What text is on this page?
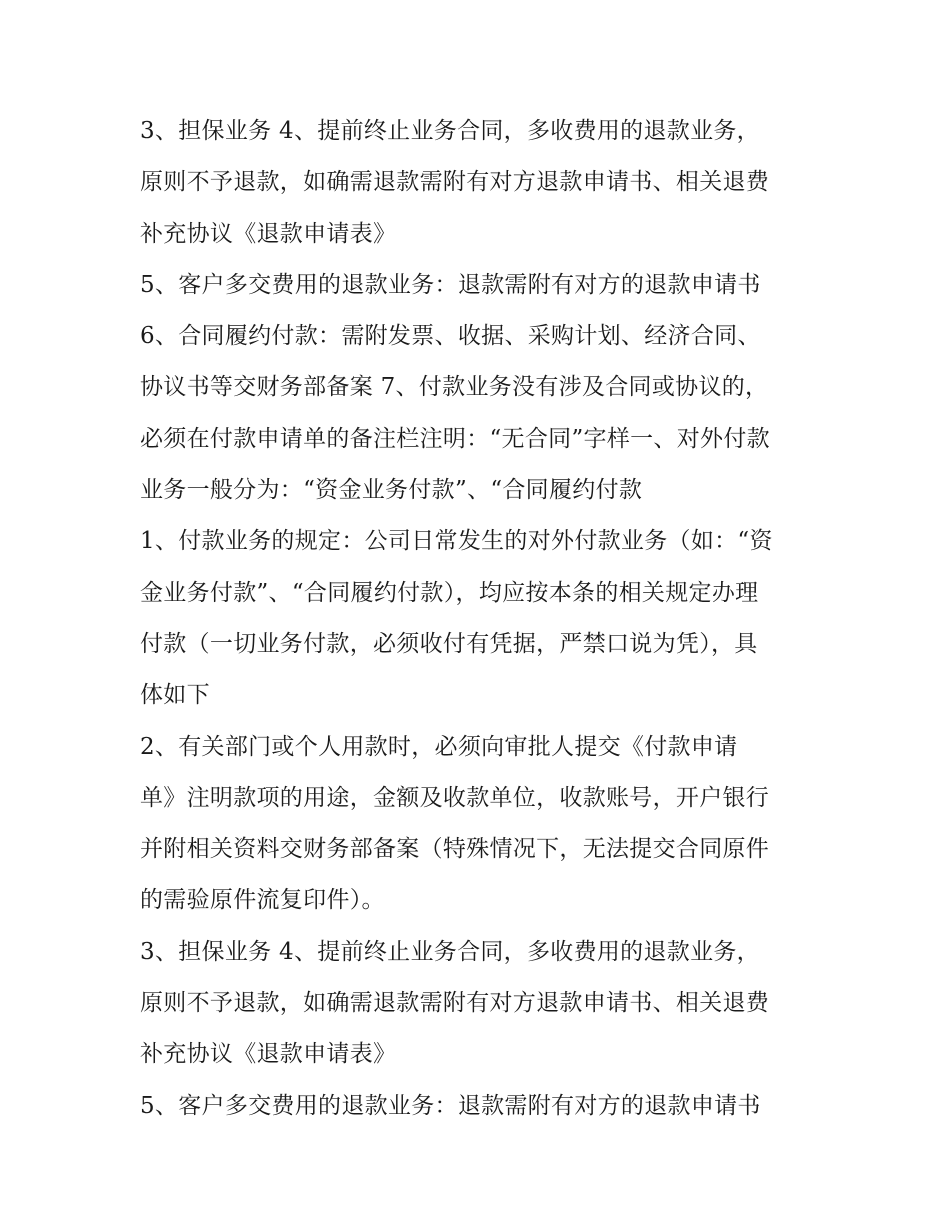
3、担保业务 4、提前终止业务合同，多收费用的退款业务，
原则不予退款，如确需退款需附有对方退款申请书、相关退费
补充协议《退款申请表》
5、客户多交费用的退款业务：退款需附有对方的退款申请书
6、合同履约付款：需附发票、收据、采购计划、经济合同、
协议书等交财务部备案 7、付款业务没有涉及合同或协议的，
必须在付款申请单的备注栏注明：“无合同”字样一、对外付款
业务一般分为：“资金业务付款”、“合同履约付款
1、付款业务的规定：公司日常发生的对外付款业务（如：“资
金业务付款”、“合同履约付款），均应按本条的相关规定办理
付款（一切业务付款，必须收付有凭据，严禁口说为凭），具
体如下
2、有关部门或个人用款时，必须向审批人提交《付款申请
单》注明款项的用途，金额及收款单位，收款账号，开户银行
并附相关资料交财务部备案（特殊情况下，无法提交合同原件
的需验原件流复印件）。
3、担保业务 4、提前终止业务合同，多收费用的退款业务，
原则不予退款，如确需退款需附有对方退款申请书、相关退费
补充协议《退款申请表》
5、客户多交费用的退款业务：退款需附有对方的退款申请书
